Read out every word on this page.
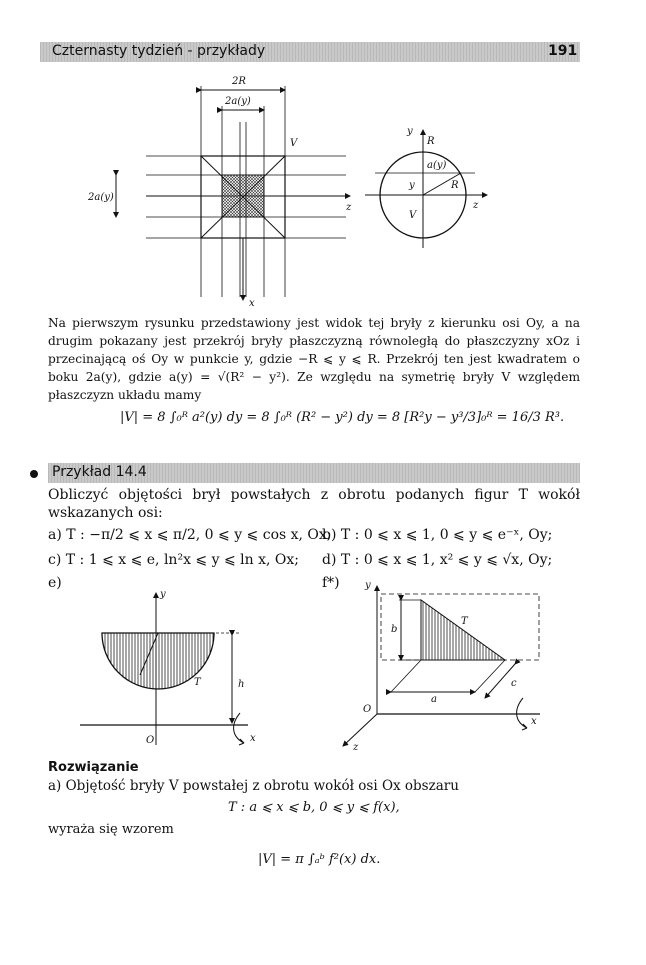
Czternasty tydzień - przykłady	191
2R
2a(y)
V
z
2a(y)
x
y
R
a(y)
y	R
V
z
Na pierwszym rysunku przedstawiony jest widok tej bryły z kierunku osi Oy, a na drugim pokazany jest przekrój bryły płaszczyzną równoległą do płaszczyzny xOz i przecinającą oś Oy w punkcie y, gdzie −R ⩽ y ⩽ R. Przekrój ten jest kwadratem o boku 2a(y), gdzie a(y) = √(R² − y²). Ze względu na symetrię bryły V względem płaszczyzn układu mamy
|V| = 8 ∫₀ᴿ a²(y) dy = 8 ∫₀ᴿ (R² − y²) dy = 8 [R²y − y³/3]₀ᴿ = 16/3 R³.
Przykład 14.4
Obliczyć objętości brył powstałych z obrotu podanych figur T wokół wskazanych osi:
a) T : −π/2 ⩽ x ⩽ π/2, 0 ⩽ y ⩽ cos x, Ox;
b) T : 0 ⩽ x ⩽ 1, 0 ⩽ y ⩽ e⁻ˣ, Oy;
c) T : 1 ⩽ x ⩽ e, ln²x ⩽ y ⩽ ln x, Ox; d) T : 0 ⩽ x ⩽ 1, x² ⩽ y ⩽ √x, Oy;
e)	f*)
y
T	h
O	x
y
T
b
a
c
O
x
z
Rozwiązanie
a) Objętość bryły V powstałej z obrotu wokół osi Ox obszaru
T : a ⩽ x ⩽ b, 0 ⩽ y ⩽ f(x),
wyraża się wzorem
|V| = π ∫ₐᵇ f²(x) dx.
